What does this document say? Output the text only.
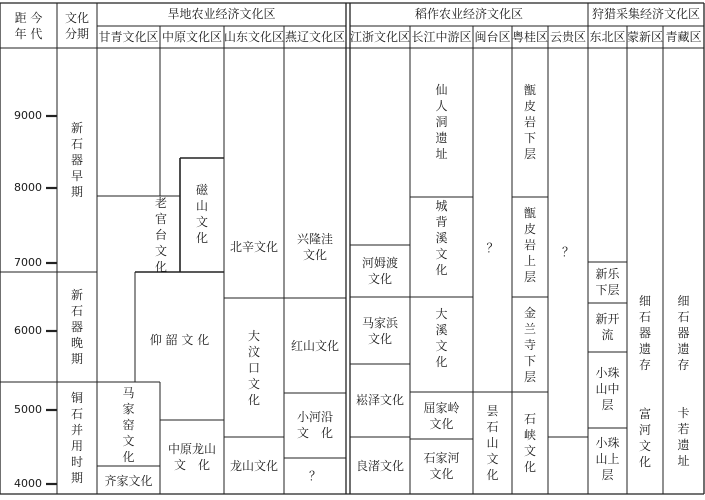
距 今
年 代
文化
分期
旱地农业经济文化区	稻作农业经济文化区	狩猎采集经济文化区
甘青文化区 中原文化区 山东文化区 燕辽文化区 江浙文化区 长江中游区 闽台区 粤桂区 云贵区 东北区 蒙新区 青藏区
9000
8000
7000
6000
5000
4000
新
石
器
早
期
新
石
器
晚
期
铜
石
并
用
时
期
老
官
台
文
化
马
家
窑
文
化
齐家文化
磁
山
文
化
仰 韶 文 化
中原龙山
文　化
北辛文化
大
汶
口
文
化
龙山文化
兴隆洼
文化
红山文化
小河沿
文　化
？
河姆渡
文化
马家浜
文化
崧泽文化
良渚文化
仙
人
洞
遗
址
城
背
溪
文
化
大
溪
文
化
屈家岭
文化
石家河
文化
？
昙
石
山
文
化
甑
皮
岩
下
层
甑
皮
岩
上
层
金
兰
寺
下
层
石
峡
文
化
？
新乐
下层
新开
流
小珠
山中
层
小珠
山上
层
细
石
器
遗
存
富
河
文
化
细
石
器
遗
存
卡
若
遗
址
